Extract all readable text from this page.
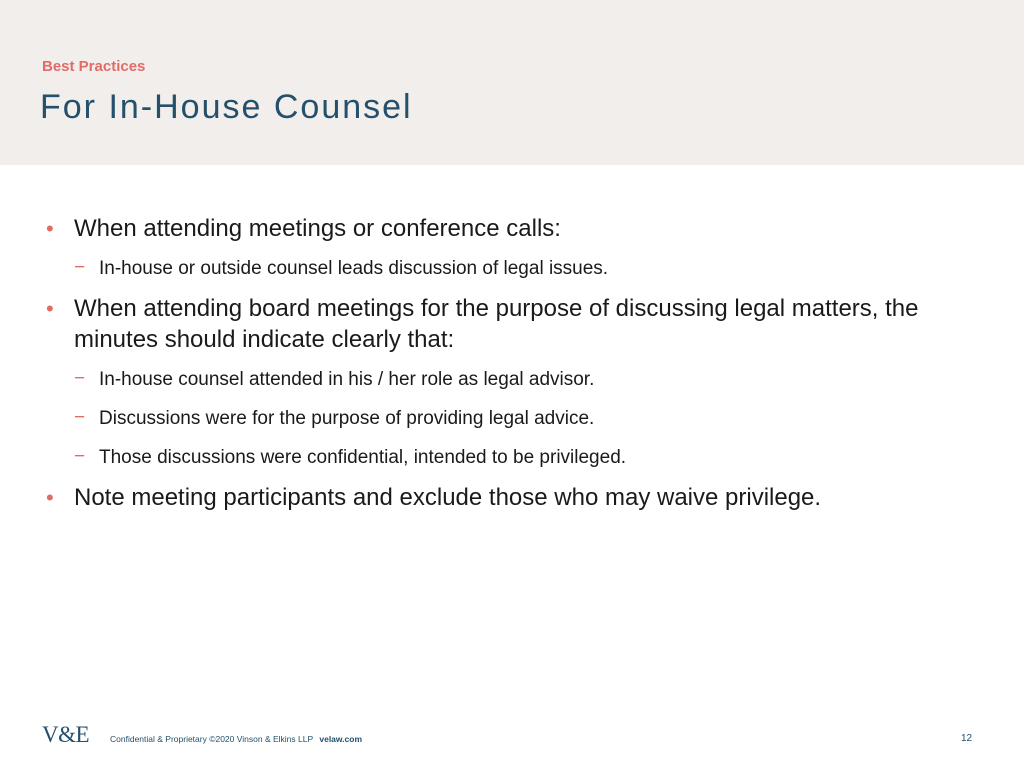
Best Practices
For In-House Counsel
• When attending meetings or conference calls:
− In-house or outside counsel leads discussion of legal issues.
• When attending board meetings for the purpose of discussing legal matters, the minutes should indicate clearly that:
− In-house counsel attended in his / her role as legal advisor.
− Discussions were for the purpose of providing legal advice.
− Those discussions were confidential, intended to be privileged.
• Note meeting participants and exclude those who may waive privilege.
V&E Confidential & Proprietary ©2020 Vinson & Elkins LLP velaw.com	12
